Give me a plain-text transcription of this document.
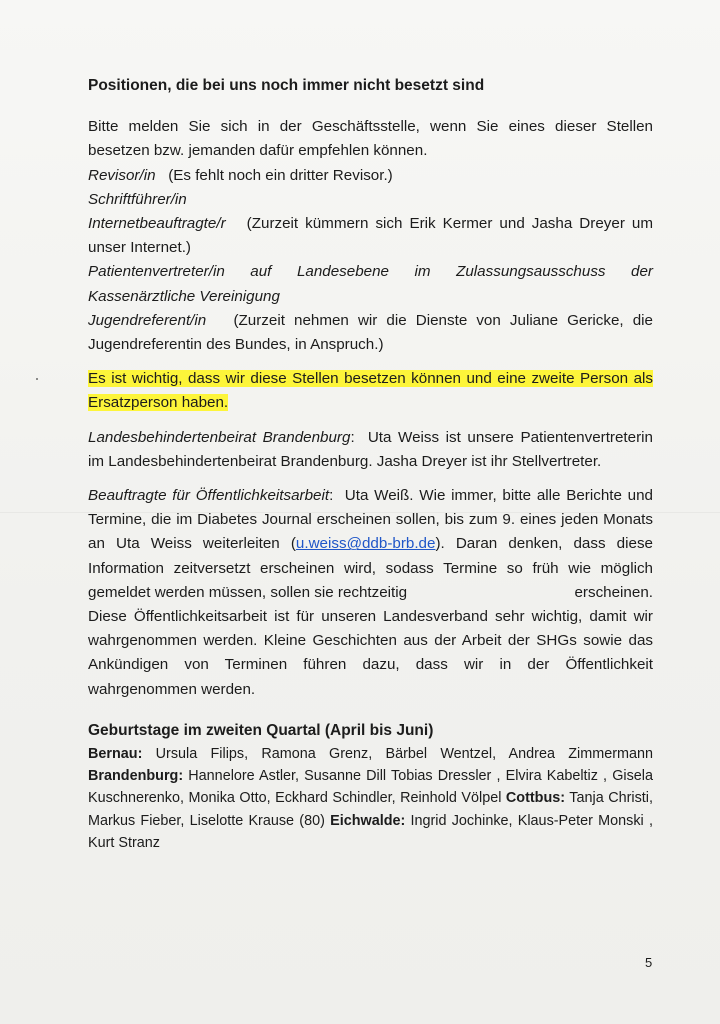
Positionen, die bei uns noch immer nicht besetzt sind

Bitte melden Sie sich in der Geschäftsstelle, wenn Sie eines dieser Stellen besetzen bzw. jemanden dafür empfehlen können.

Revisor/in (Es fehlt noch ein dritter Revisor.)

Schriftführer/in

Internetbeauftragte/r (Zurzeit kümmern sich Erik Kermer und Jasha Dreyer um unser Internet.)

Patientenvertreter/in auf Landesebene im Zulassungsausschuss der Kassenärztliche Vereinigung

Jugendreferent/in (Zurzeit nehmen wir die Dienste von Juliane Gericke, die Jugendreferentin des Bundes, in Anspruch.)

Es ist wichtig, dass wir diese Stellen besetzen können und eine zweite Person als Ersatzperson haben.

Landesbehindertenbeirat Brandenburg:  Uta Weiss ist unsere Patientenvertreterin im Landesbehindertenbeirat Brandenburg. Jasha Dreyer ist ihr Stellvertreter.

Beauftragte für Öffentlichkeitsarbeit:  Uta Weiß. Wie immer, bitte alle Berichte und Termine, die im Diabetes Journal erscheinen sollen, bis zum 9. eines jeden Monats an Uta Weiss weiterleiten (u.weiss@ddb-brb.de). Daran denken, dass diese Information zeitversetzt erscheinen wird, sodass Termine so früh wie möglich gemeldet werden müssen, sollen sie rechtzeitig	erscheinen.

Diese Öffentlichkeitsarbeit ist für unseren Landesverband sehr wichtig, damit wir wahrgenommen werden. Kleine Geschichten aus der Arbeit der SHGs sowie das Ankündigen von Terminen führen dazu, dass wir in der Öffentlichkeit wahrgenommen werden.

Geburtstage im zweiten Quartal (April bis Juni)

Bernau: Ursula Filips, Ramona Grenz, Bärbel Wentzel, Andrea Zimmermann Brandenburg: Hannelore Astler, Susanne Dill Tobias Dressler , Elvira Kabeltiz , Gisela Kuschnerenko, Monika Otto, Eckhard Schindler, Reinhold Völpel Cottbus: Tanja Christi, Markus Fieber, Liselotte Krause (80) Eichwalde: Ingrid Jochinke, Klaus-Peter Monski , Kurt Stranz

5
